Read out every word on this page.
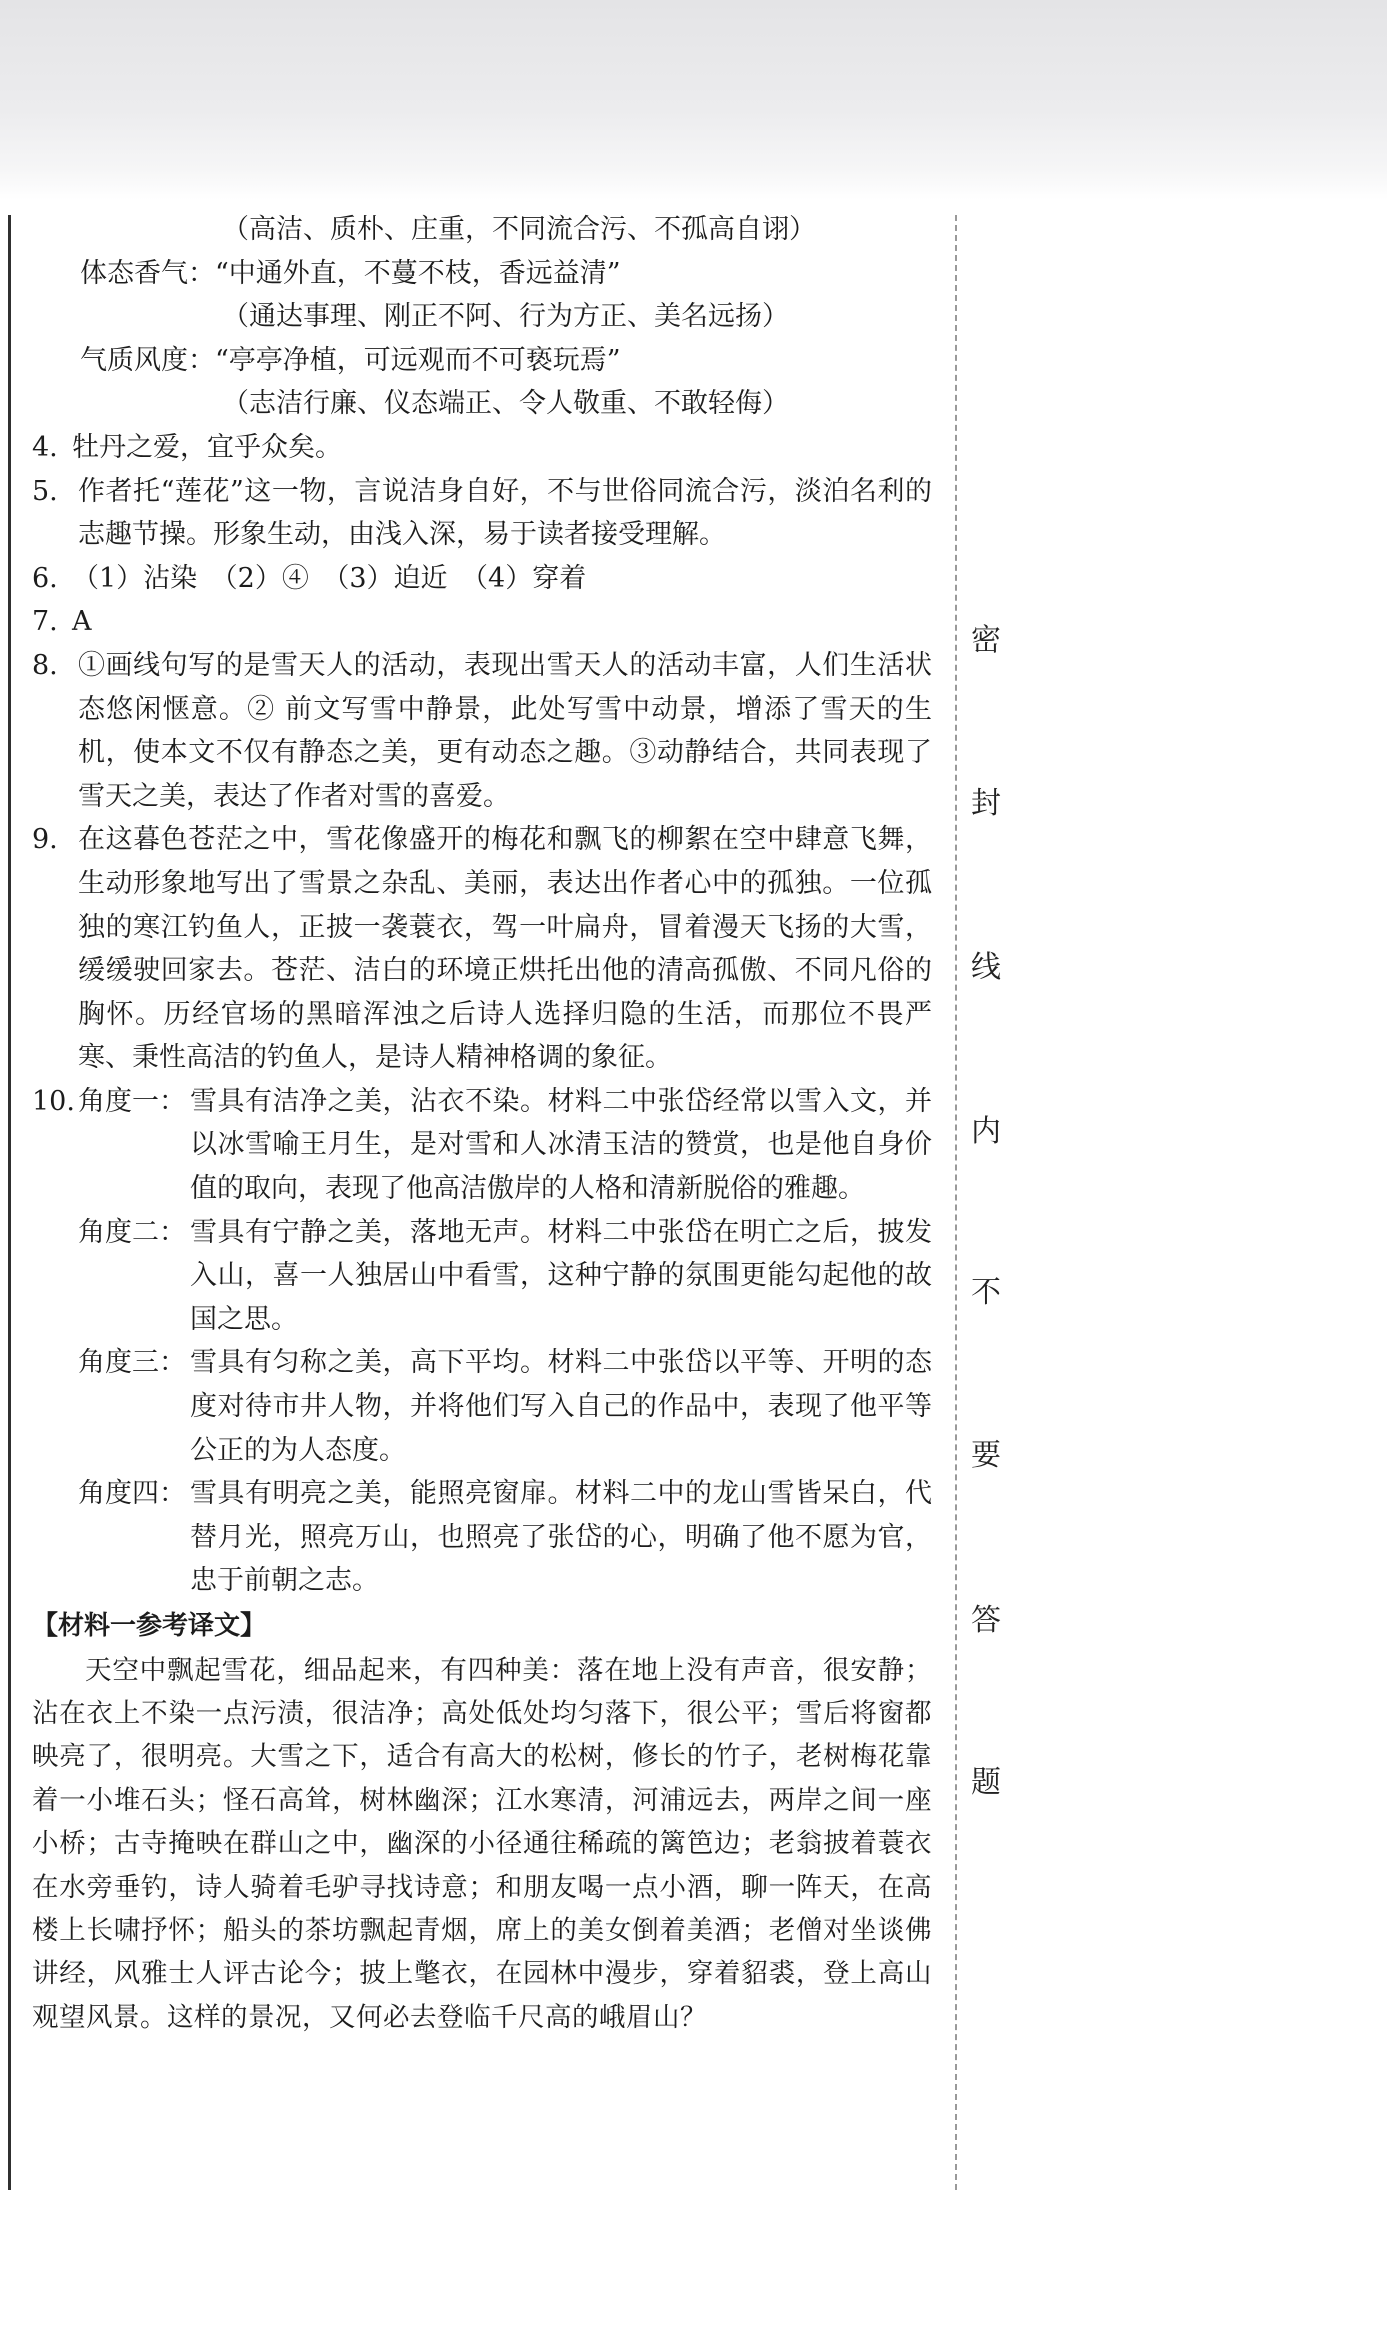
密
封
线
内
不
要
答
题
（高洁、质朴、庄重，不同流合污、不孤高自诩）
体态香气：“中通外直，不蔓不枝，香远益清”
（通达事理、刚正不阿、行为方正、美名远扬）
气质风度：“亭亭净植，可远观而不可亵玩焉”
（志洁行廉、仪态端正、令人敬重、不敢轻侮）
4. 牡丹之爱，宜乎众矣。
5. 作者托“莲花”这一物，言说洁身自好，不与世俗同流合污，淡泊名利的志趣节操。形象生动，由浅入深，易于读者接受理解。
6. （1）沾染　（2）④　（3）迫近　（4）穿着
7. A
8. ①画线句写的是雪天人的活动，表现出雪天人的活动丰富，人们生活状态悠闲惬意。② 前文写雪中静景，此处写雪中动景，增添了雪天的生机，使本文不仅有静态之美，更有动态之趣。③动静结合，共同表现了雪天之美，表达了作者对雪的喜爱。
9. 在这暮色苍茫之中，雪花像盛开的梅花和飘飞的柳絮在空中肆意飞舞，生动形象地写出了雪景之杂乱、美丽，表达出作者心中的孤独。一位孤独的寒江钓鱼人，正披一袭蓑衣，驾一叶扁舟，冒着漫天飞扬的大雪，缓缓驶回家去。苍茫、洁白的环境正烘托出他的清高孤傲、不同凡俗的胸怀。历经官场的黑暗浑浊之后诗人选择归隐的生活，而那位不畏严寒、秉性高洁的钓鱼人，是诗人精神格调的象征。
10. 角度一： 雪具有洁净之美，沾衣不染。材料二中张岱经常以雪入文，并以冰雪喻王月生，是对雪和人冰清玉洁的赞赏，也是他自身价值的取向，表现了他高洁傲岸的人格和清新脱俗的雅趣。
角度二： 雪具有宁静之美，落地无声。材料二中张岱在明亡之后，披发入山，喜一人独居山中看雪，这种宁静的氛围更能勾起他的故国之思。
角度三： 雪具有匀称之美，高下平均。材料二中张岱以平等、开明的态度对待市井人物，并将他们写入自己的作品中，表现了他平等公正的为人态度。
角度四： 雪具有明亮之美，能照亮窗扉。材料二中的龙山雪皆呆白，代替月光，照亮万山，也照亮了张岱的心，明确了他不愿为官，忠于前朝之志。
【材料一参考译文】
天空中飘起雪花，细品起来，有四种美：落在地上没有声音，很安静；沾在衣上不染一点污渍，很洁净；高处低处均匀落下，很公平；雪后将窗都映亮了，很明亮。大雪之下，适合有高大的松树，修长的竹子，老树梅花靠着一小堆石头；怪石高耸，树林幽深；江水寒清，河浦远去，两岸之间一座小桥；古寺掩映在群山之中，幽深的小径通往稀疏的篱笆边；老翁披着蓑衣在水旁垂钓，诗人骑着毛驴寻找诗意；和朋友喝一点小酒，聊一阵天，在高楼上长啸抒怀；船头的茶坊飘起青烟，席上的美女倒着美酒；老僧对坐谈佛讲经，风雅士人评古论今；披上氅衣，在园林中漫步，穿着貂裘，登上高山观望风景。这样的景况，又何必去登临千尺高的峨眉山？
